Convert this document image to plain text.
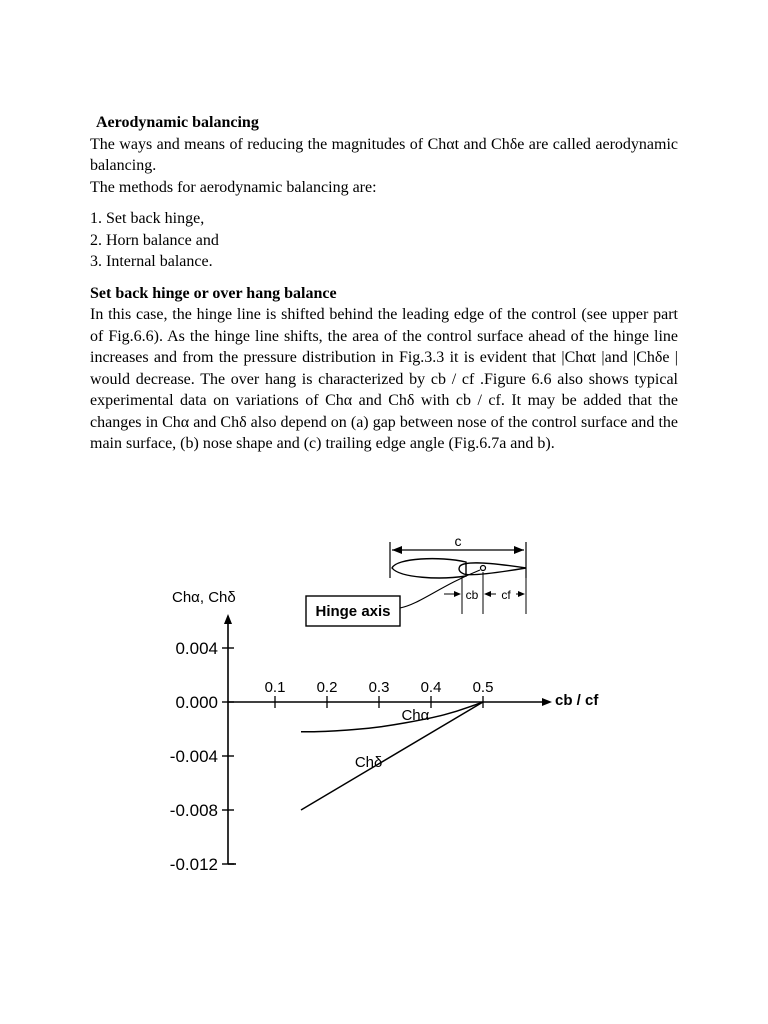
Aerodynamic balancing

The ways and means of reducing the magnitudes of Chαt and Chδe are called aerodynamic balancing.

The methods for aerodynamic balancing are:

1. Set back hinge,
2. Horn balance and
3. Internal balance.
Set back hinge or over hang balance

In this case, the hinge line is shifted behind the leading edge of the control (see upper part of Fig.6.6). As the hinge line shifts, the area of the control surface ahead of the hinge line increases and from the pressure distribution in Fig.3.3 it is evident that |Chαt |and |Chδe | would decrease. The over hang is characterized by cb / cf .Figure 6.6 also shows typical experimental data on variations of Chα and Chδ with cb / cf. It may be added that the changes in Chα and Chδ also depend on (a) gap between nose of the control surface and the main surface, (b) nose shape and (c) trailing edge angle (Fig.6.7a and b).

c
cb cf
Hinge axis
0.004
0.000
-0.004
-0.008
-0.012
0.1 0.2 0.3 0.4 0.5
Chα
Chδ
Chα, Chδ
cb / cf
